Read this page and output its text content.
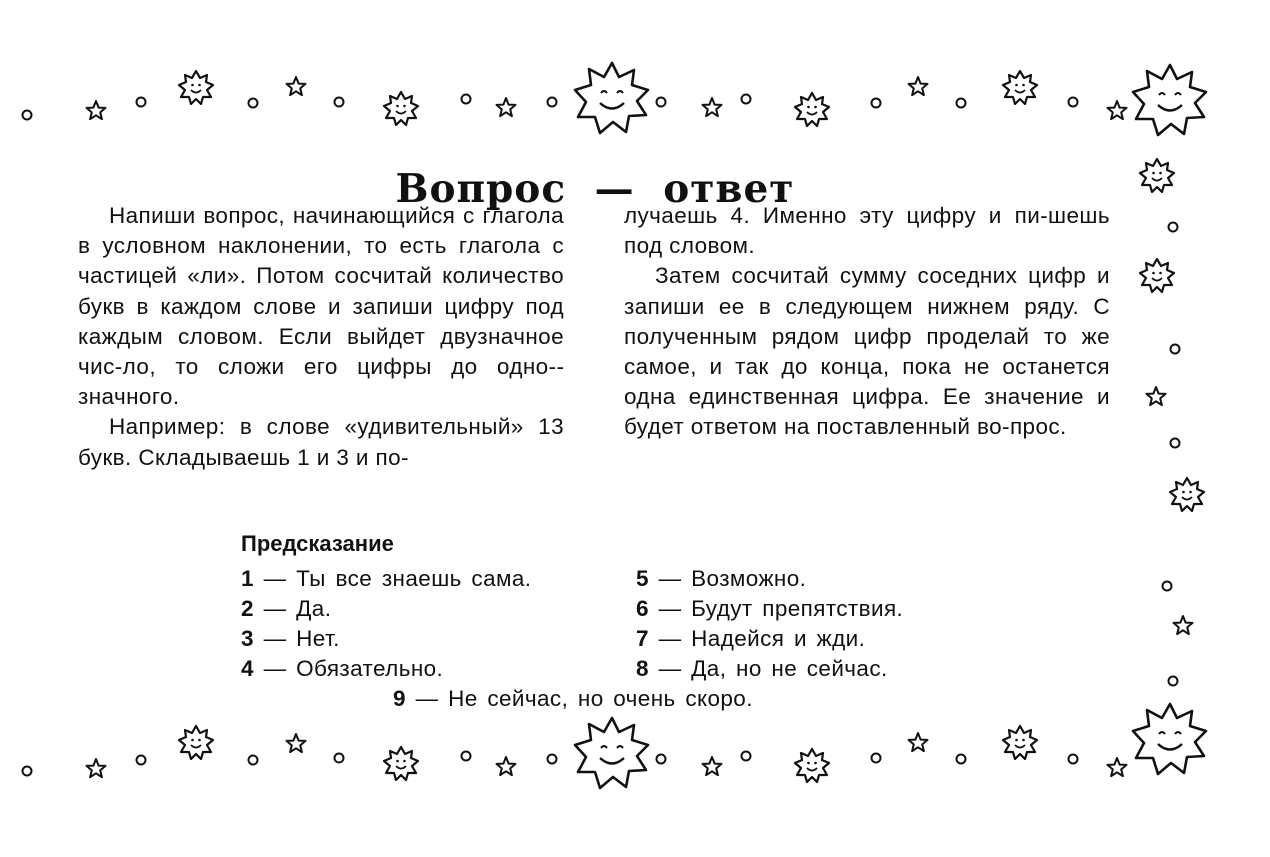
Вопрос — ответ

Напиши вопрос, начинающийся с глагола в условном наклонении, то есть глагола с частицей «ли». Потом сосчитай количество букв в каждом слове и запиши цифру под каждым словом. Если выйдет двузначное чис-ло, то сложи его цифры до одно-значного.

Например: в слове «удивительный» 13 букв. Складываешь 1 и 3 и по-

лучаешь 4. Именно эту цифру и пи-шешь под словом.

Затем сосчитай сумму соседних цифр и запиши ее в следующем нижнем ряду. С полученным рядом цифр проделай то же самое, и так до конца, пока не останется одна единственная цифра. Ее значение и будет ответом на поставленный во-прос.

Предсказание
1 — Ты все знаешь сама.
2 — Да.
3 — Нет.
4 — Обязательно.
5 — Возможно.
6 — Будут препятствия.
7 — Надейся и жди.
8 — Да, но не сейчас.
9 — Не сейчас, но очень скоро.
